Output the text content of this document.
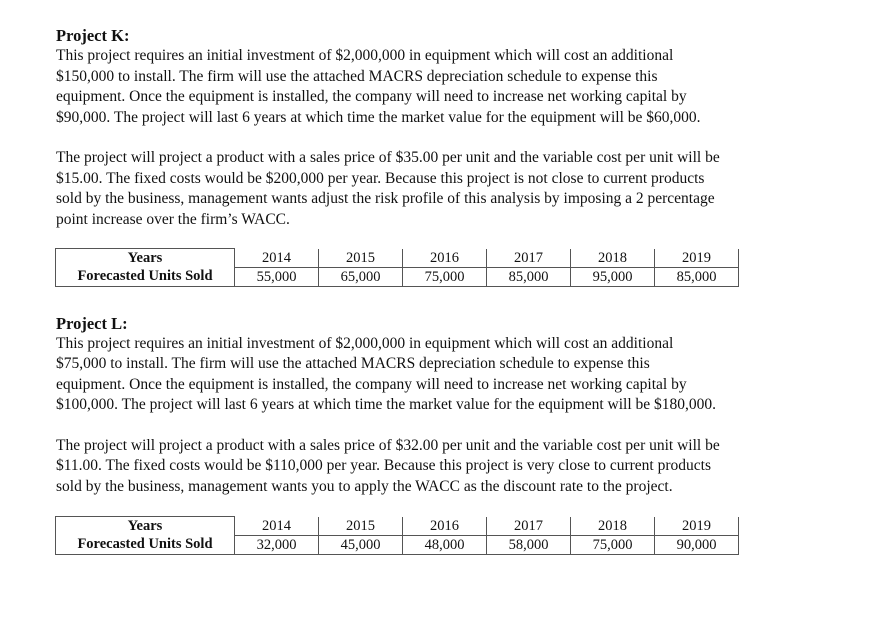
Project K:

This project requires an initial investment of $2,000,000 in equipment which will cost an additional
$150,000 to install. The firm will use the attached MACRS depreciation schedule to expense this
equipment. Once the equipment is installed, the company will need to increase net working capital by
$90,000. The project will last 6 years at which time the market value for the equipment will be $60,000.
The project will project a product with a sales price of $35.00 per unit and the variable cost per unit will be
$15.00. The fixed costs would be $200,000 per year. Because this project is not close to current products
sold by the business, management wants adjust the risk profile of this analysis by imposing a 2 percentage
point increase over the firm’s WACC.
Years	2014	2015	2016	2017	2018	2019
Forecasted Units Sold	55,000	65,000	75,000	85,000	95,000	85,000

Project L:

This project requires an initial investment of $2,000,000 in equipment which will cost an additional
$75,000 to install. The firm will use the attached MACRS depreciation schedule to expense this
equipment. Once the equipment is installed, the company will need to increase net working capital by
$100,000. The project will last 6 years at which time the market value for the equipment will be $180,000.
The project will project a product with a sales price of $32.00 per unit and the variable cost per unit will be
$11.00. The fixed costs would be $110,000 per year. Because this project is very close to current products
sold by the business, management wants you to apply the WACC as the discount rate to the project.
Years	2014	2015	2016	2017	2018	2019
Forecasted Units Sold	32,000	45,000	48,000	58,000	75,000	90,000
